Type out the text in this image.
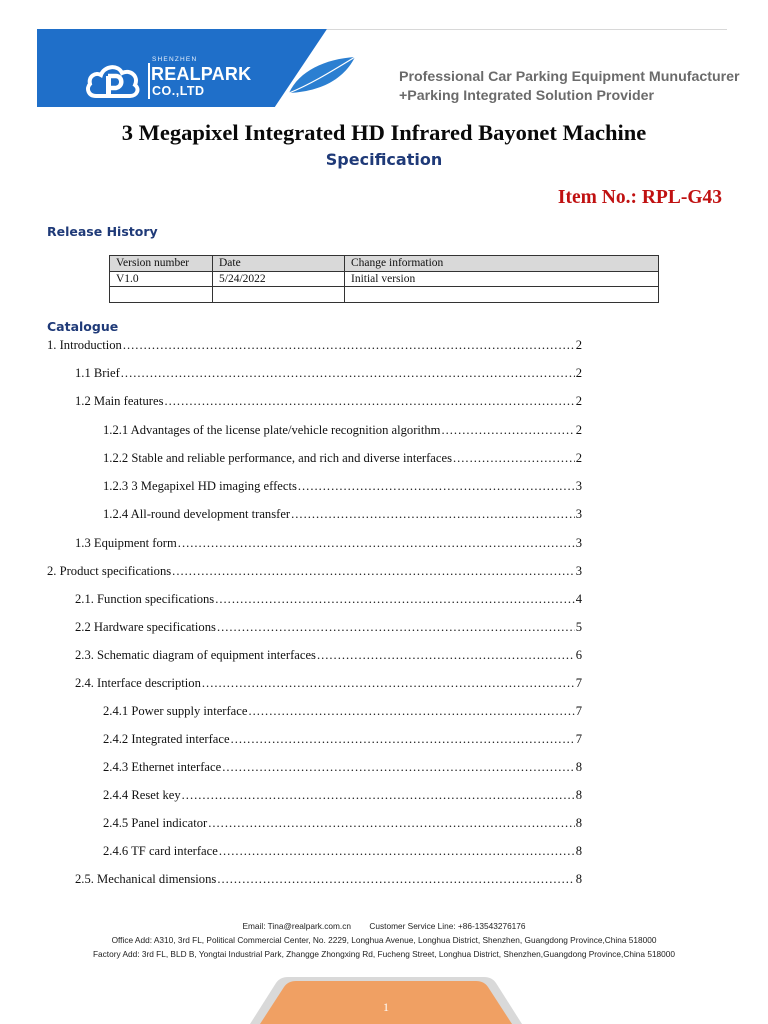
SHENZHEN
REALPARK
CO.,LTD
Professional Car Parking Equipment Munufacturer
+Parking Integrated Solution Provider
3 Megapixel Integrated HD Infrared Bayonet Machine
Specification
Item No.: RPL-G43
Release History
Version number	Date	Change information
V1.0	5/24/2022	Initial version

Catalogue
1. Introduction .....	2
1.1 Brief .....	2
1.2 Main features .....	2
1.2.1 Advantages of the license plate/vehicle recognition algorithm .....	2
1.2.2 Stable and reliable performance, and rich and diverse interfaces .....	2
1.2.3 3 Megapixel HD imaging effects .....	3
1.2.4 All-round development transfer .....	3
1.3 Equipment form .....	3
2. Product specifications .....	3
2.1. Function specifications .....	4
2.2 Hardware specifications .....	5
2.3. Schematic diagram of equipment interfaces .....	6
2.4. Interface description .....	7
2.4.1 Power supply interface .....	7
2.4.2 Integrated interface .....	7
2.4.3 Ethernet interface .....	8
2.4.4 Reset key .....	8
2.4.5 Panel indicator .....	8
2.4.6 TF card interface .....	8
2.5. Mechanical dimensions .....	8
Email: Tina@realpark.com.cn        Customer Service Line: +86-13543276176
Office Add: A310, 3rd FL, Political Commercial Center, No. 2229, Longhua Avenue, Longhua District, Shenzhen, Guangdong Province,China 518000
Factory Add: 3rd FL, BLD B, Yongtai Industrial Park, Zhangge Zhongxing Rd, Fucheng Street, Longhua District, Shenzhen,Guangdong Province,China 518000
1
